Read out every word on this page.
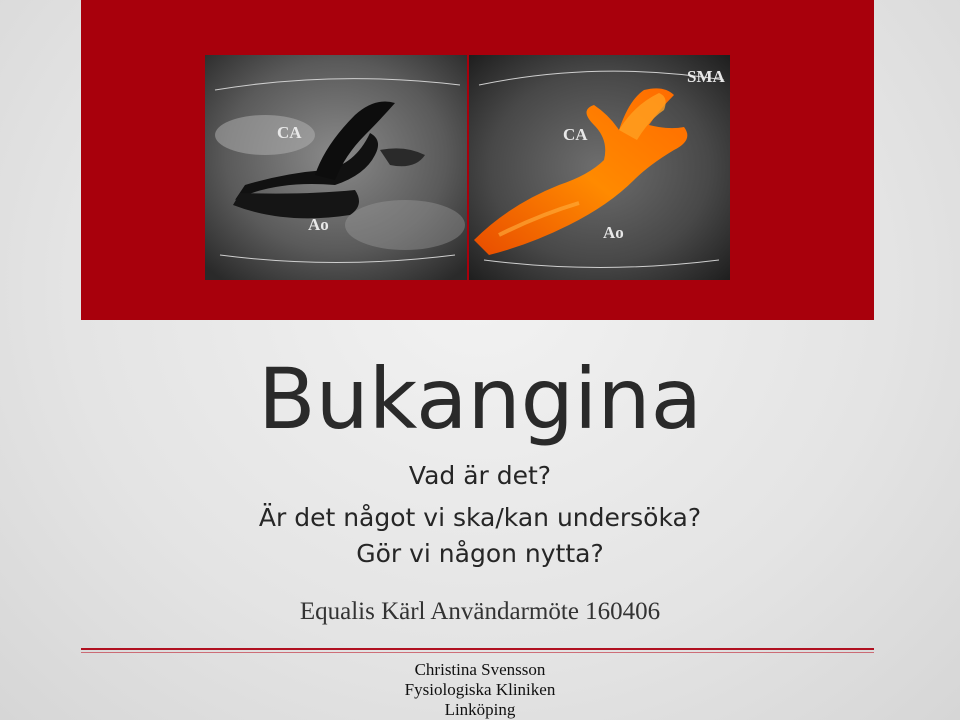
CA
Ao
CA
Ao
SMA
Bukangina
Vad är det?
Är det något vi ska/kan undersöka?
Gör vi någon nytta?
Equalis Kärl Användarmöte 160406
Christina Svensson
Fysiologiska Kliniken
Linköping
